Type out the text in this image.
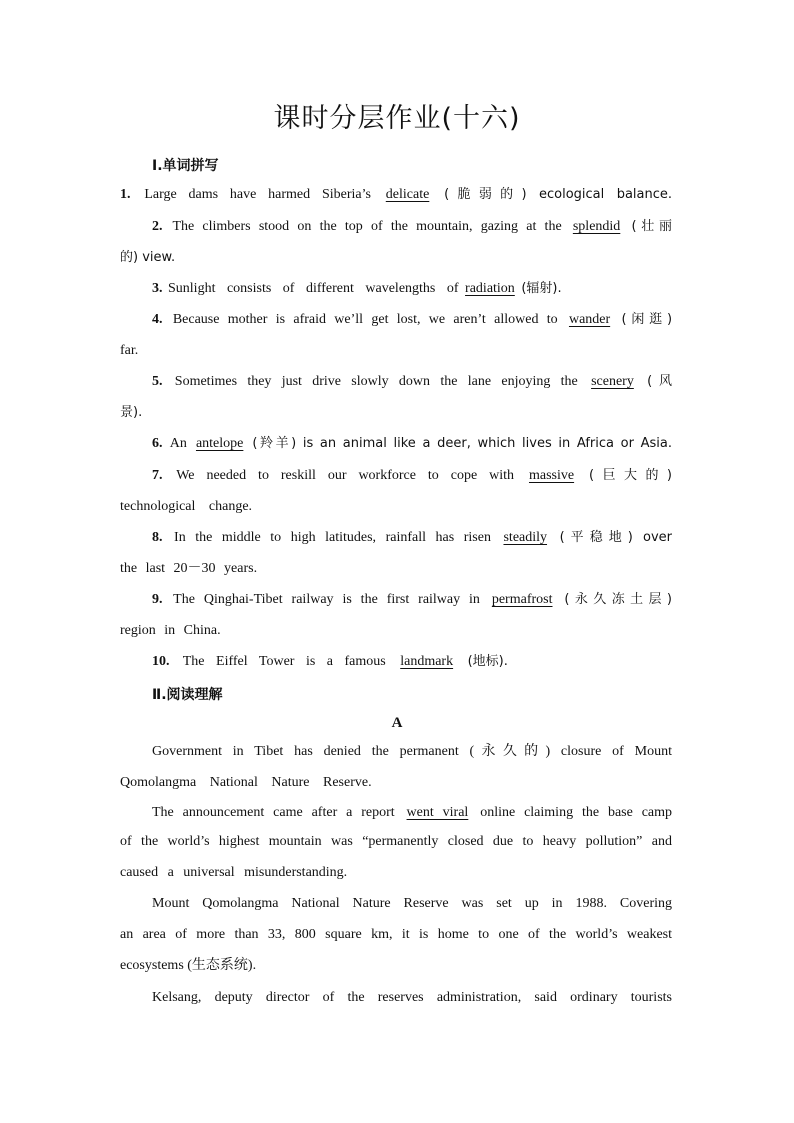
课时分层作业(十六)
Ⅰ.单词拼写
1. Large dams have harmed Siberia’s delicate (脆弱的) ecological balance.
2. The climbers stood on the top of the mountain, gazing at the splendid (壮丽
的) view.
3. Sunlight consists of different wavelengths of radiation (辐射).
4. Because mother is afraid we’ll get lost, we aren’t allowed to wander (闲逛)
far.
5. Sometimes they just drive slowly down the lane enjoying the scenery (风
景).
6. An antelope (羚羊) is an animal like a deer, which lives in Africa or Asia.
7. We needed to reskill our workforce to cope with massive (巨大的)
technological change.
8. In the middle to high latitudes, rainfall has risen steadily (平稳地) over
the last 20－30 years.
9. The Qinghai-Tibet railway is the first railway in permafrost (永久冻土层)
region in China.
10. The Eiffel Tower is a famous landmark (地标).
Ⅱ.阅读理解
A
Government in Tibet has denied the permanent (永久的) closure of Mount
Qomolangma National Nature Reserve.
The announcement came after a report went viral online claiming the base camp
of the world’s highest mountain was “permanently closed due to heavy pollution” and
caused a universal misunderstanding.
Mount Qomolangma National Nature Reserve was set up in 1988. Covering
an area of more than 33, 800 square km, it is home to one of the world’s weakest
ecosystems (生态系统).
Kelsang, deputy director of the reserves administration, said ordinary tourists
